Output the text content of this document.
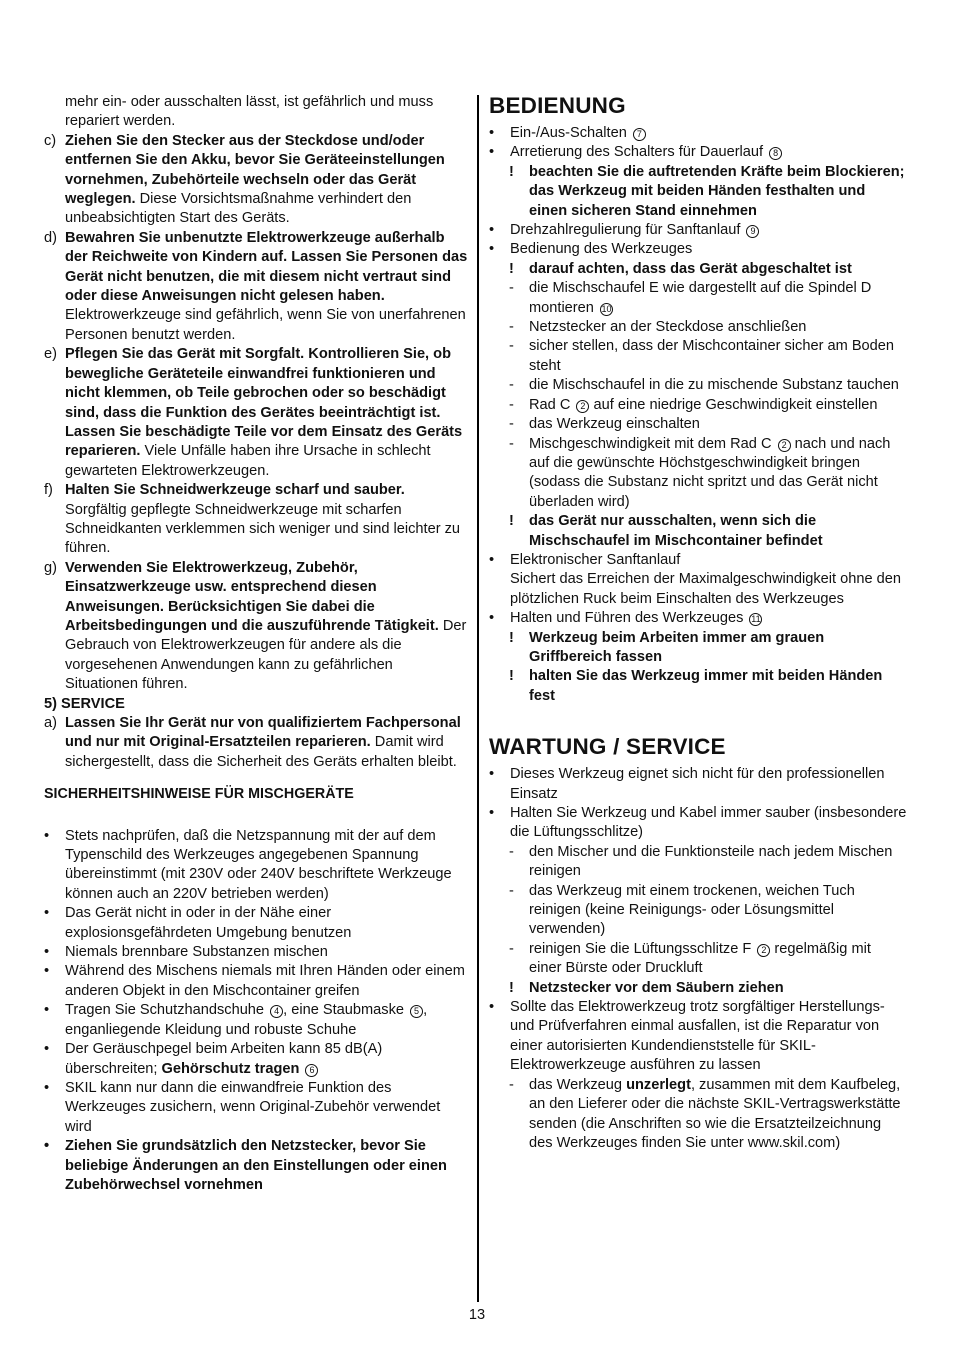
mehr ein- oder ausschalten lässt, ist gefährlich und muss repariert werden.
c) Ziehen Sie den Stecker aus der Steckdose und/oder entfernen Sie den Akku, bevor Sie Geräteeinstellungen vornehmen, Zubehörteile wechseln oder das Gerät weglegen. Diese Vorsichtsmaßnahme verhindert den unbeabsichtigten Start des Geräts.
d) Bewahren Sie unbenutzte Elektrowerkzeuge außerhalb der Reichweite von Kindern auf. Lassen Sie Personen das Gerät nicht benutzen, die mit diesem nicht vertraut sind oder diese Anweisungen nicht gelesen haben. Elektrowerkzeuge sind gefährlich, wenn Sie von unerfahrenen Personen benutzt werden.
e) Pflegen Sie das Gerät mit Sorgfalt. Kontrollieren Sie, ob bewegliche Geräteteile einwandfrei funktionieren und nicht klemmen, ob Teile gebrochen oder so beschädigt sind, dass die Funktion des Gerätes beeinträchtigt ist. Lassen Sie beschädigte Teile vor dem Einsatz des Geräts reparieren. Viele Unfälle haben ihre Ursache in schlecht gewarteten Elektrowerkzeugen.
f) Halten Sie Schneidwerkzeuge scharf und sauber. Sorgfältig gepflegte Schneidwerkzeuge mit scharfen Schneidkanten verklemmen sich weniger und sind leichter zu führen.
g) Verwenden Sie Elektrowerkzeug, Zubehör, Einsatzwerkzeuge usw. entsprechend diesen Anweisungen. Berücksichtigen Sie dabei die Arbeitsbedingungen und die auszuführende Tätigkeit. Der Gebrauch von Elektrowerkzeugen für andere als die vorgesehenen Anwendungen kann zu gefährlichen Situationen führen.
5) SERVICE
a) Lassen Sie Ihr Gerät nur von qualifiziertem Fachpersonal und nur mit Original-Ersatzteilen reparieren. Damit wird sichergestellt, dass die Sicherheit des Geräts erhalten bleibt.
SICHERHEITSHINWEISE FÜR MISCHGERÄTE
• Stets nachprüfen, daß die Netzspannung mit der auf dem Typenschild des Werkzeuges angegebenen Spannung übereinstimmt (mit 230V oder 240V beschriftete Werkzeuge können auch an 220V betrieben werden)
• Das Gerät nicht in oder in der Nähe einer explosionsgefährdeten Umgebung benutzen
• Niemals brennbare Substanzen mischen
• Während des Mischens niemals mit Ihren Händen oder einem anderen Objekt in den Mischcontainer greifen
• Tragen Sie Schutzhandschuhe 4 , eine Staubmaske 5 , enganliegende Kleidung und robuste Schuhe
• Der Geräuschpegel beim Arbeiten kann 85 dB(A) überschreiten; Gehörschutz tragen 6
• SKIL kann nur dann die einwandfreie Funktion des Werkzeuges zusichern, wenn Original-Zubehör verwendet wird
• Ziehen Sie grundsätzlich den Netzstecker, bevor Sie beliebige Änderungen an den Einstellungen oder einen Zubehörwechsel vornehmen
BEDIENUNG
• Ein-/Aus-Schalten 7
• Arretierung des Schalters für Dauerlauf 8
! beachten Sie die auftretenden Kräfte beim Blockieren; das Werkzeug mit beiden Händen festhalten und einen sicheren Stand einnehmen
• Drehzahlregulierung für Sanftanlauf 9
• Bedienung des Werkzeuges
! darauf achten, dass das Gerät abgeschaltet ist
- die Mischschaufel E wie dargestellt auf die Spindel D montieren 10
- Netzstecker an der Steckdose anschließen
- sicher stellen, dass der Mischcontainer sicher am Boden steht
- die Mischschaufel in die zu mischende Substanz tauchen
- Rad C 2 auf eine niedrige Geschwindigkeit einstellen
- das Werkzeug einschalten
- Mischgeschwindigkeit mit dem Rad C 2 nach und nach auf die gewünschte Höchstgeschwindigkeit bringen (sodass die Substanz nicht spritzt und das Gerät nicht überladen wird)
! das Gerät nur ausschalten, wenn sich die Mischschaufel im Mischcontainer befindet
• Elektronischer Sanftanlauf
Sichert das Erreichen der Maximalgeschwindigkeit ohne den plötzlichen Ruck beim Einschalten des Werkzeuges
• Halten und Führen des Werkzeuges 11
! Werkzeug beim Arbeiten immer am grauen Griffbereich fassen
! halten Sie das Werkzeug immer mit beiden Händen fest
WARTUNG / SERVICE
• Dieses Werkzeug eignet sich nicht für den professionellen Einsatz
• Halten Sie Werkzeug und Kabel immer sauber (insbesondere die Lüftungsschlitze)
- den Mischer und die Funktionsteile nach jedem Mischen reinigen
- das Werkzeug mit einem trockenen, weichen Tuch reinigen (keine Reinigungs- oder Lösungsmittel verwenden)
- reinigen Sie die Lüftungsschlitze F 2 regelmäßig mit einer Bürste oder Druckluft
! Netzstecker vor dem Säubern ziehen
• Sollte das Elektrowerkzeug trotz sorgfältiger Herstellungs- und Prüfverfahren einmal ausfallen, ist die Reparatur von einer autorisierten Kundendienststelle für SKIL-Elektrowerkzeuge ausführen zu lassen
- das Werkzeug unzerlegt, zusammen mit dem Kaufbeleg, an den Lieferer oder die nächste SKIL-Vertragswerkstätte senden (die Anschriften so wie die Ersatzteilzeichnung des Werkzeuges finden Sie unter www.skil.com)
13
